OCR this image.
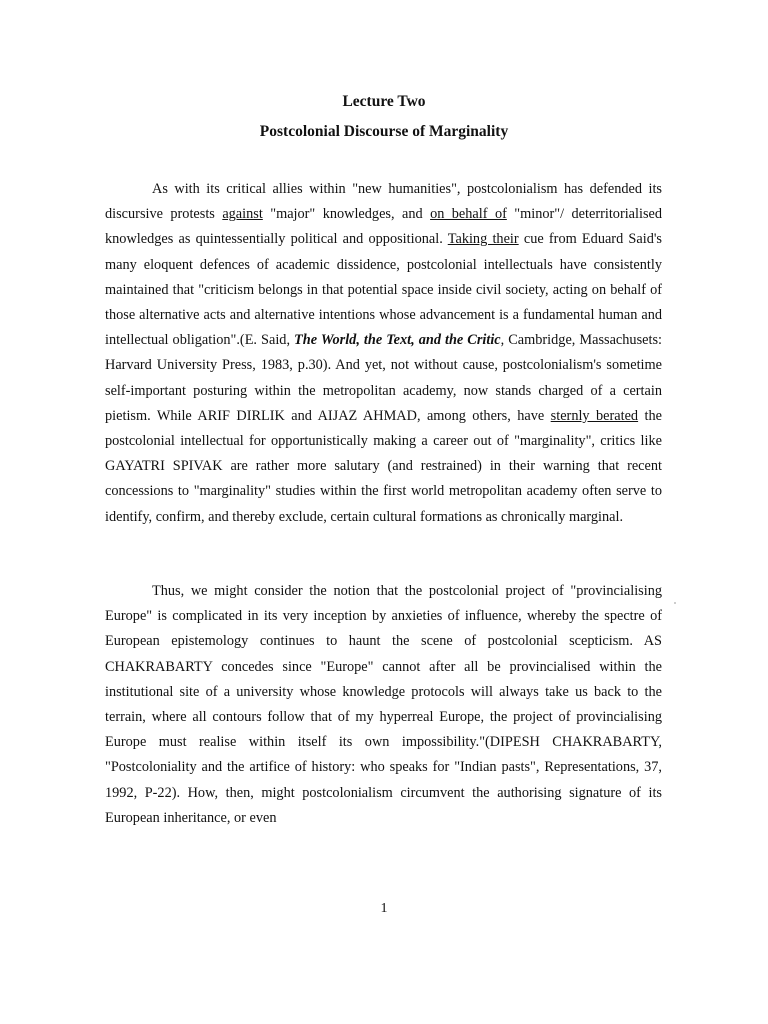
Lecture Two
Postcolonial Discourse of Marginality

As with its critical allies within "new humanities", postcolonialism has defended its discursive protests against "major" knowledges, and on behalf of "minor"/ deterritorialised knowledges as quintessentially political and oppositional. Taking their cue from Eduard Said's many eloquent defences of academic dissidence, postcolonial intellectuals have consistently maintained that "criticism belongs in that potential space inside civil society, acting on behalf of those alternative acts and alternative intentions whose advancement is a fundamental human and intellectual obligation".(E. Said, The World, the Text, and the Critic, Cambridge, Massachusets: Harvard University Press, 1983, p.30). And yet, not without cause, postcolonialism's sometime self-important posturing within the metropolitan academy, now stands charged of a certain pietism. While ARIF DIRLIK and AIJAZ AHMAD, among others, have sternly berated the postcolonial intellectual for opportunistically making a career out of "marginality", critics like GAYATRI SPIVAK are rather more salutary (and restrained) in their warning that recent concessions to "marginality" studies within the first world metropolitan academy often serve to identify, confirm, and thereby exclude, certain cultural formations as chronically marginal.

Thus, we might consider the notion that the postcolonial project of "provincialising Europe" is complicated in its very inception by anxieties of influence, whereby the spectre of European epistemology continues to haunt the scene of postcolonial scepticism. AS CHAKRABARTY concedes since "Europe" cannot after all be provincialised within the institutional site of a university whose knowledge protocols will always take us back to the terrain, where all contours follow that of my hyperreal Europe, the project of provincialising Europe must realise within itself its own impossibility."(DIPESH CHAKRABARTY, "Postcoloniality and the artifice of history: who speaks for "Indian pasts", Representations, 37, 1992, P-22). How, then, might postcolonialism circumvent the authorising signature of its European inheritance, or even

1
